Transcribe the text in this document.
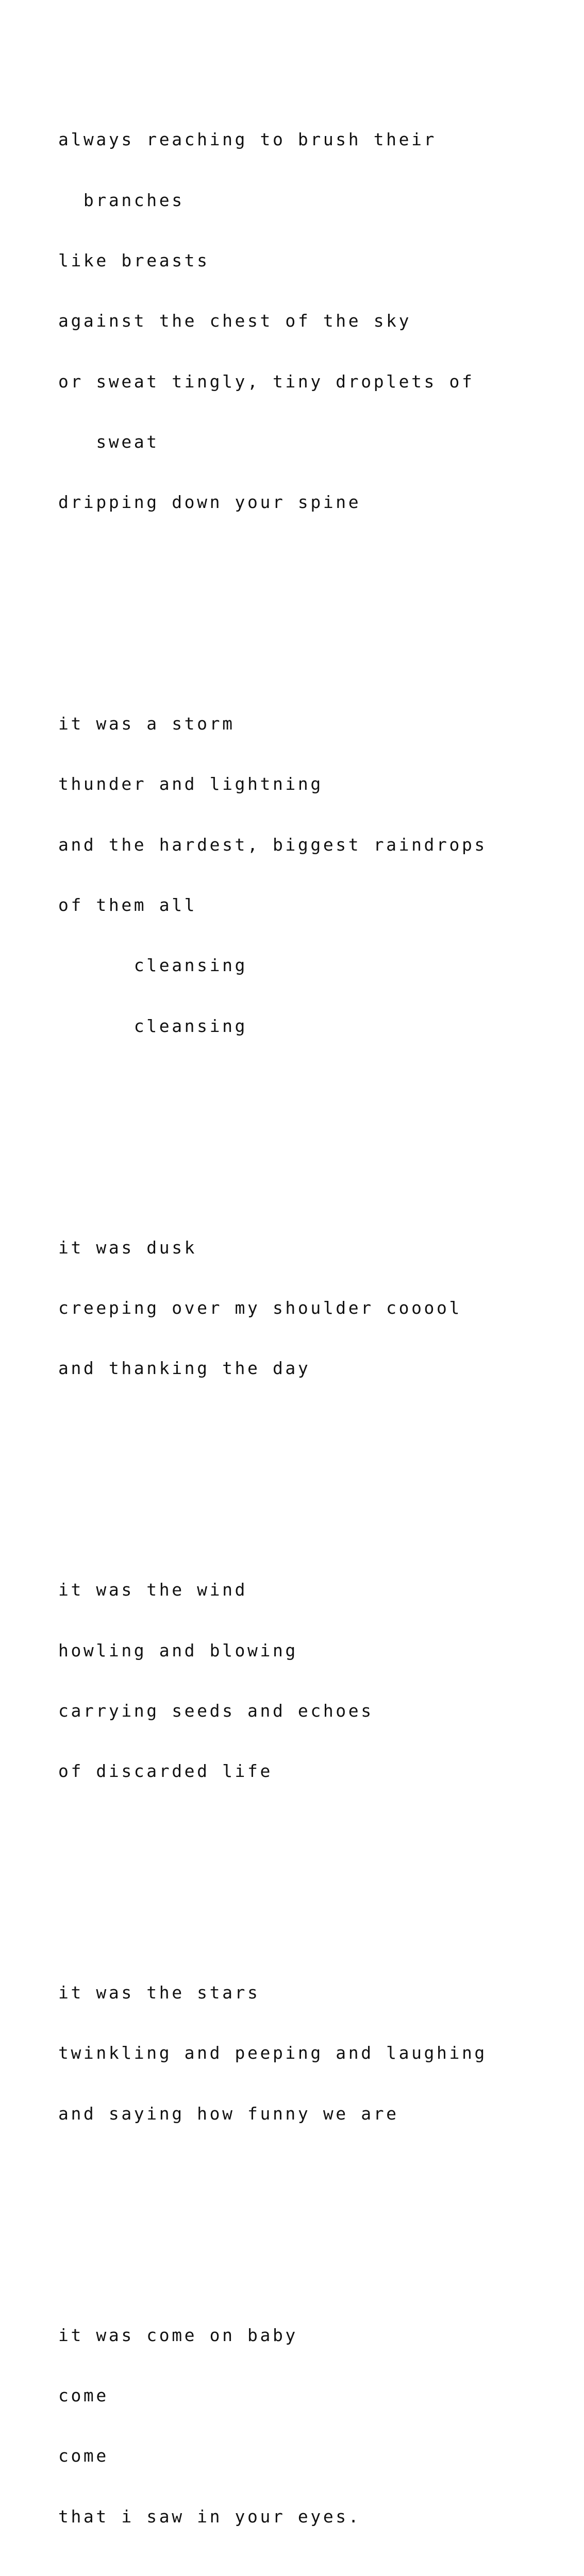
always reaching to brush their

branches

like breasts

against the chest of the sky

or sweat tingly, tiny droplets of

sweat

dripping down your spine

it was a storm

thunder and lightning

and the hardest, biggest raindrops

of them all

cleansing

cleansing

it was dusk

creeping over my shoulder cooool

and thanking the day

it was the wind

howling and blowing

carrying seeds and echoes

of discarded life

it was the stars

twinkling and peeping and laughing

and saying how funny we are

it was come on baby

come

come

that i saw in your eyes.
